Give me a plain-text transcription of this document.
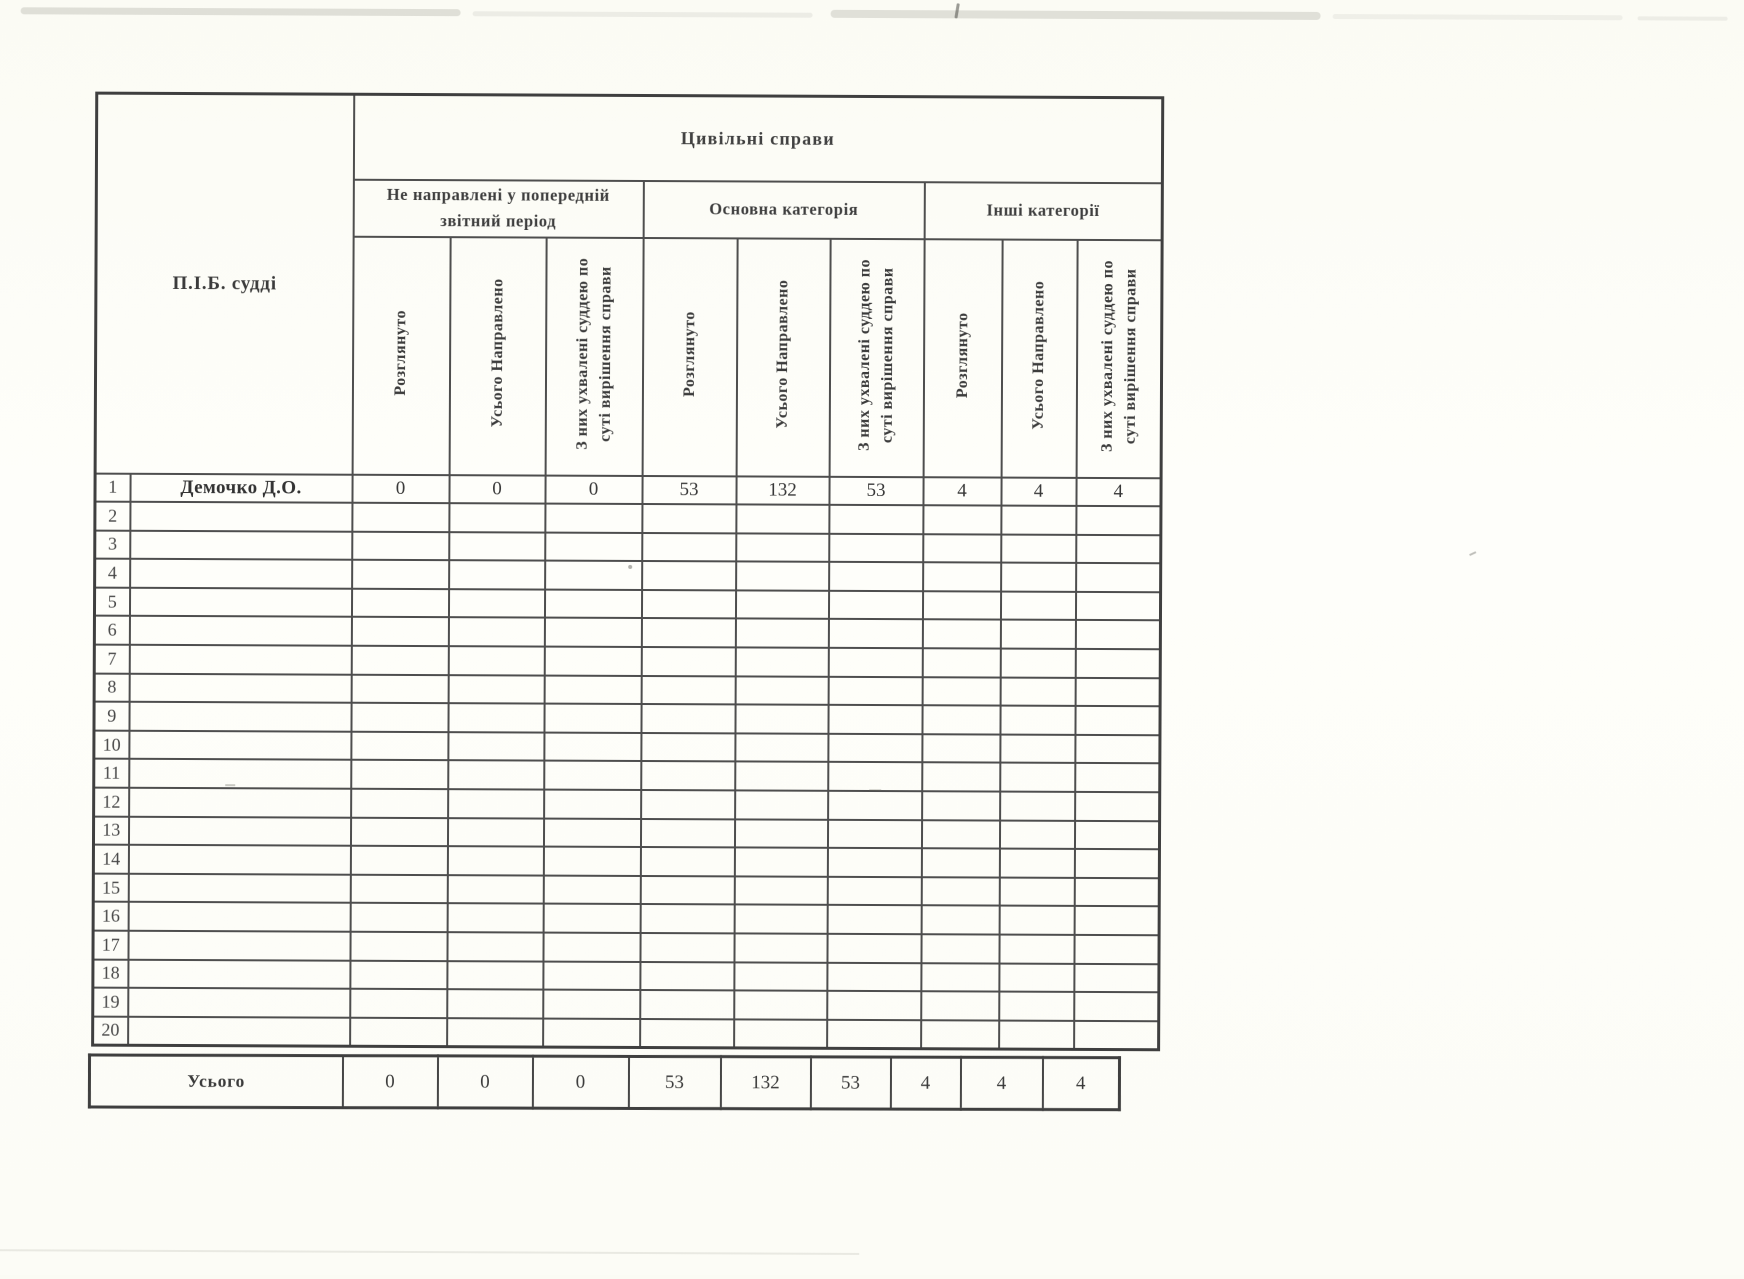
П.І.Б. судді		Цивільні справи								
		Не направлені у попередній
звітний період			Основна категорія			Інші категорії		
		Розглянуто	Усього Направлено	З них ухвалені суддею по
суті вирішення справи	Розглянуто	Усього Направлено	З них ухвалені суддею по
суті вирішення справи	Розглянуто	Усього Направлено	З них ухвалені суддею по
суті вирішення справи
1	Демочко Д.О.	0	0	0	53	132	53	4	4	4
2										
3										
4										
5										
6										
7										
8										
9										
10										
11										
12										
13										
14										
15										
16										
17										
18										
19										
20										
Усього	0	0	0	53	132	53	4	4	4
